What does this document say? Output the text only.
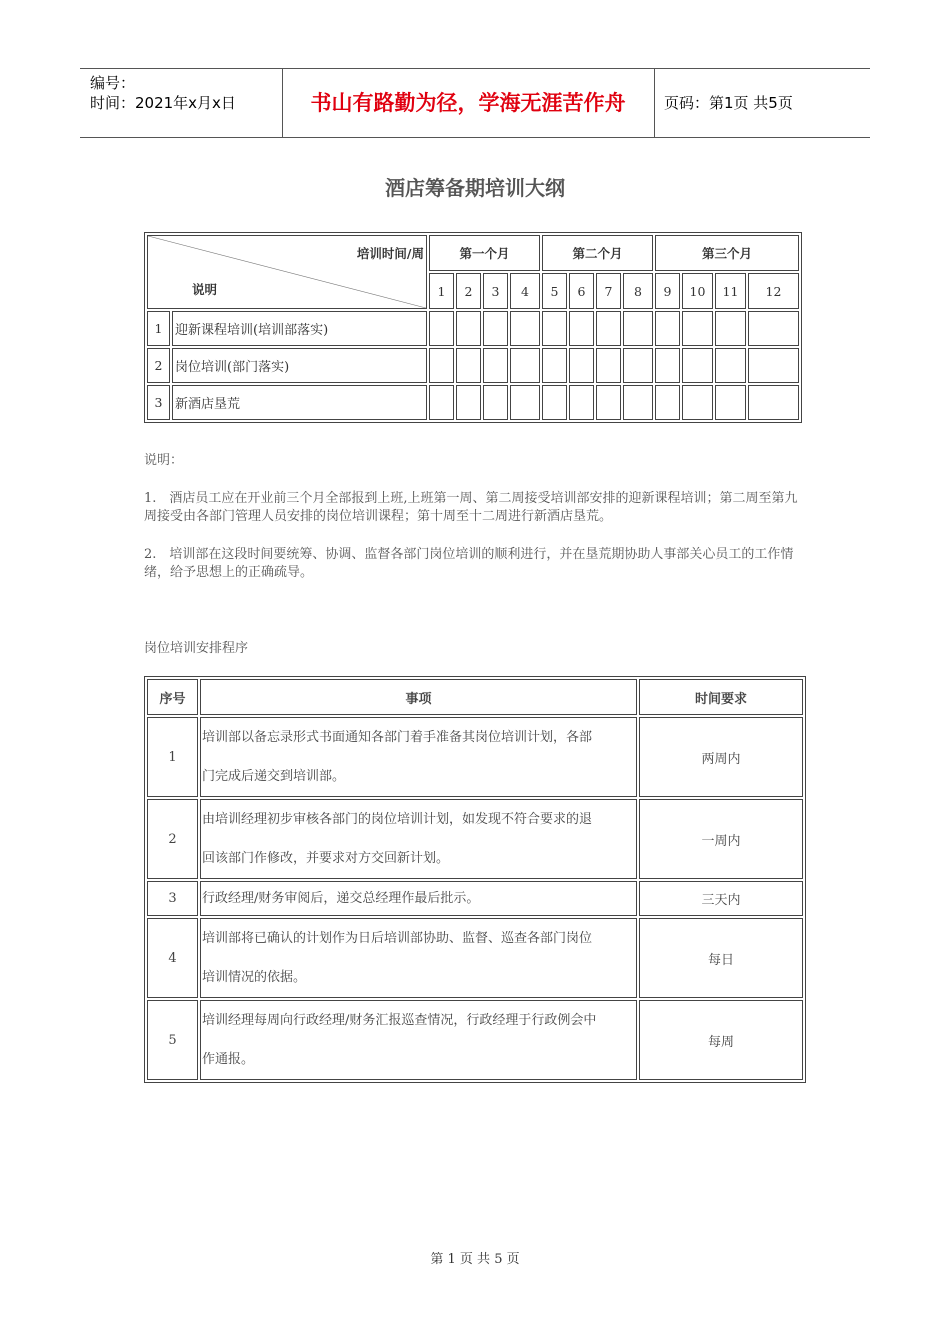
编号：
时间：2021年x月x日	书山有路勤为径，学海无涯苦作舟	页码：第1页 共5页
酒店筹备期培训大纲
培训时间/周
说明		第一个月				第二个月				第三个月			
		1	2	3	4	5	6	7	8	9	10	11	12
1	迎新课程培训(培训部落实)												
2	岗位培训(部门落实)												
3	新酒店垦荒												
说明：
1.　酒店员工应在开业前三个月全部报到上班,上班第一周、第二周接受培训部安排的迎新课程培训；第二周至第九周接受由各部门管理人员安排的岗位培训课程；第十周至十二周进行新酒店垦荒。
2.　培训部在这段时间要统筹、协调、监督各部门岗位培训的顺利进行，并在垦荒期协助人事部关心员工的工作情绪，给予思想上的正确疏导。
岗位培训安排程序
序号	事项	时间要求
1	培训部以备忘录形式书面通知各部门着手准备其岗位培训计划，各部
门完成后递交到培训部。	两周内
2	由培训经理初步审核各部门的岗位培训计划，如发现不符合要求的退
回该部门作修改，并要求对方交回新计划。	一周内
3	行政经理/财务审阅后，递交总经理作最后批示。	三天内
4	培训部将已确认的计划作为日后培训部协助、监督、巡查各部门岗位
培训情况的依据。	每日
5	培训经理每周向行政经理/财务汇报巡查情况，行政经理于行政例会中
作通报。	每周
第 1 页 共 5 页
